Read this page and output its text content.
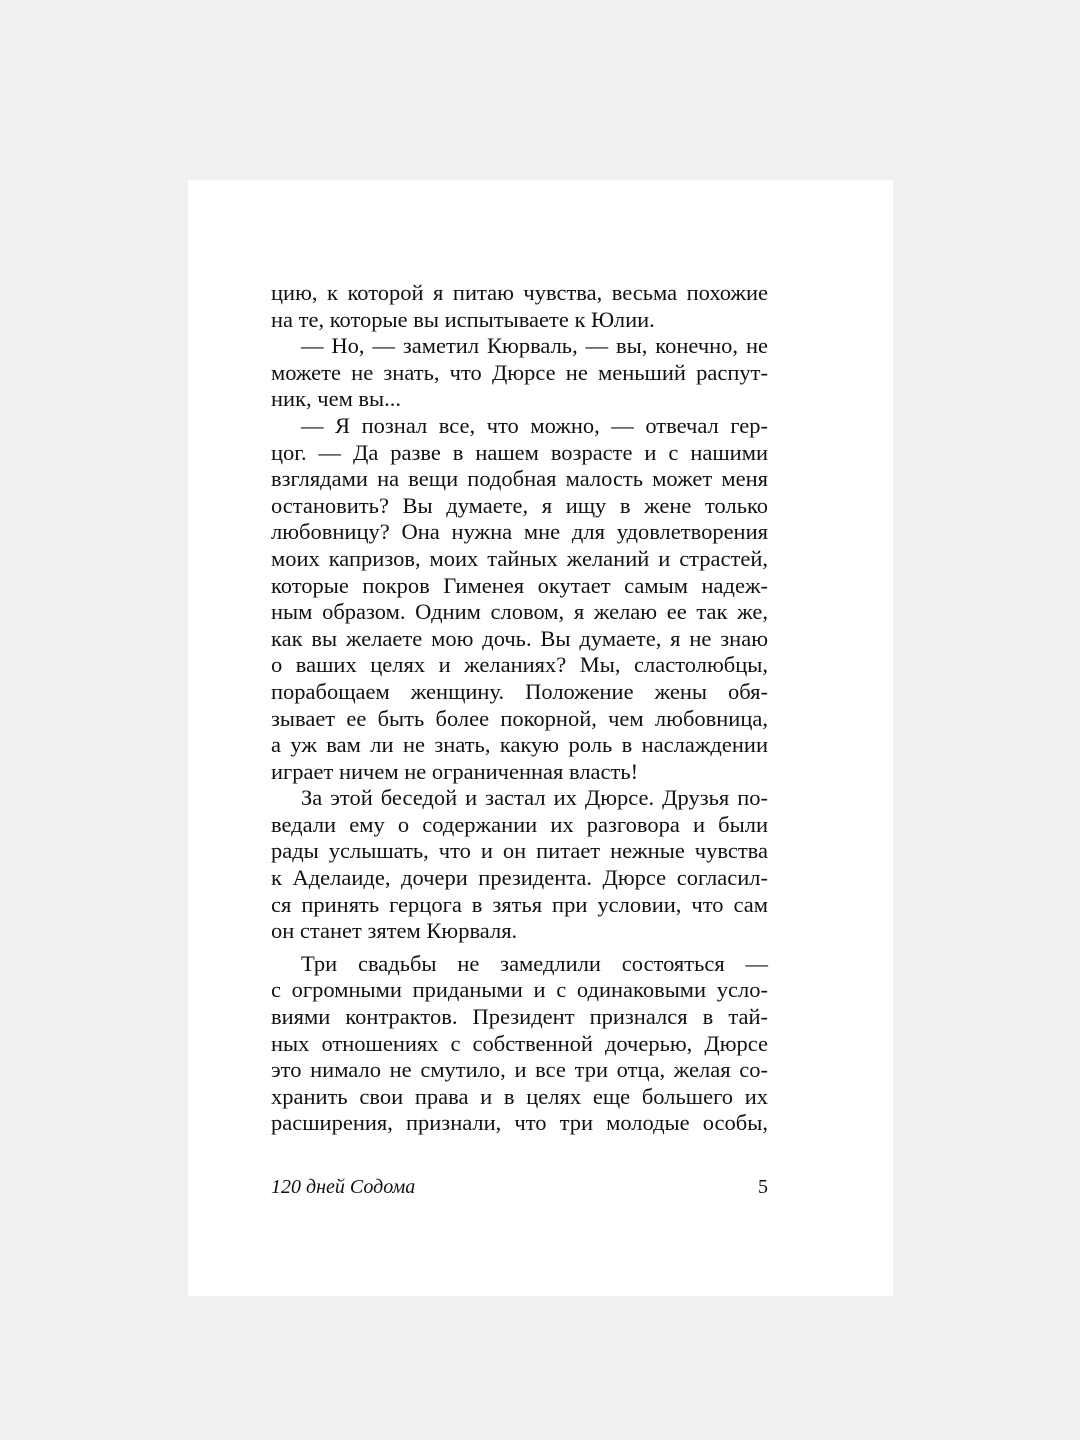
цию, к которой я питаю чувства, весьма похожие
на те, которые вы испытываете к Юлии.
— Но, — заметил Кюрваль, — вы, конечно, не
можете не знать, что Дюрсе не меньший распут-
ник, чем вы...
— Я познал все, что можно, — отвечал гер-
цог. — Да разве в нашем возрасте и с нашими
взглядами на вещи подобная малость может меня
остановить? Вы думаете, я ищу в жене только
любовницу? Она нужна мне для удовлетворения
моих капризов, моих тайных желаний и страстей,
которые покров Гименея окутает самым надеж-
ным образом. Одним словом, я желаю ее так же,
как вы желаете мою дочь. Вы думаете, я не знаю
о ваших целях и желаниях? Мы, сластолюбцы,
порабощаем женщину. Положение жены обя-
зывает ее быть более покорной, чем любовница,
а уж вам ли не знать, какую роль в наслаждении
играет ничем не ограниченная власть!
За этой беседой и застал их Дюрсе. Друзья по-
ведали ему о содержании их разговора и были
рады услышать, что и он питает нежные чувства
к Аделаиде, дочери президента. Дюрсе согласил-
ся принять герцога в зятья при условии, что сам
он станет зятем Кюрваля.
Три свадьбы не замедлили состояться —
с огромными придаными и с одинаковыми усло-
виями контрактов. Президент признался в тай-
ных отношениях с собственной дочерью, Дюрсе
это нимало не смутило, и все три отца, желая со-
хранить свои права и в целях еще большего их
расширения, признали, что три молодые особы,
120 дней Содома	5
